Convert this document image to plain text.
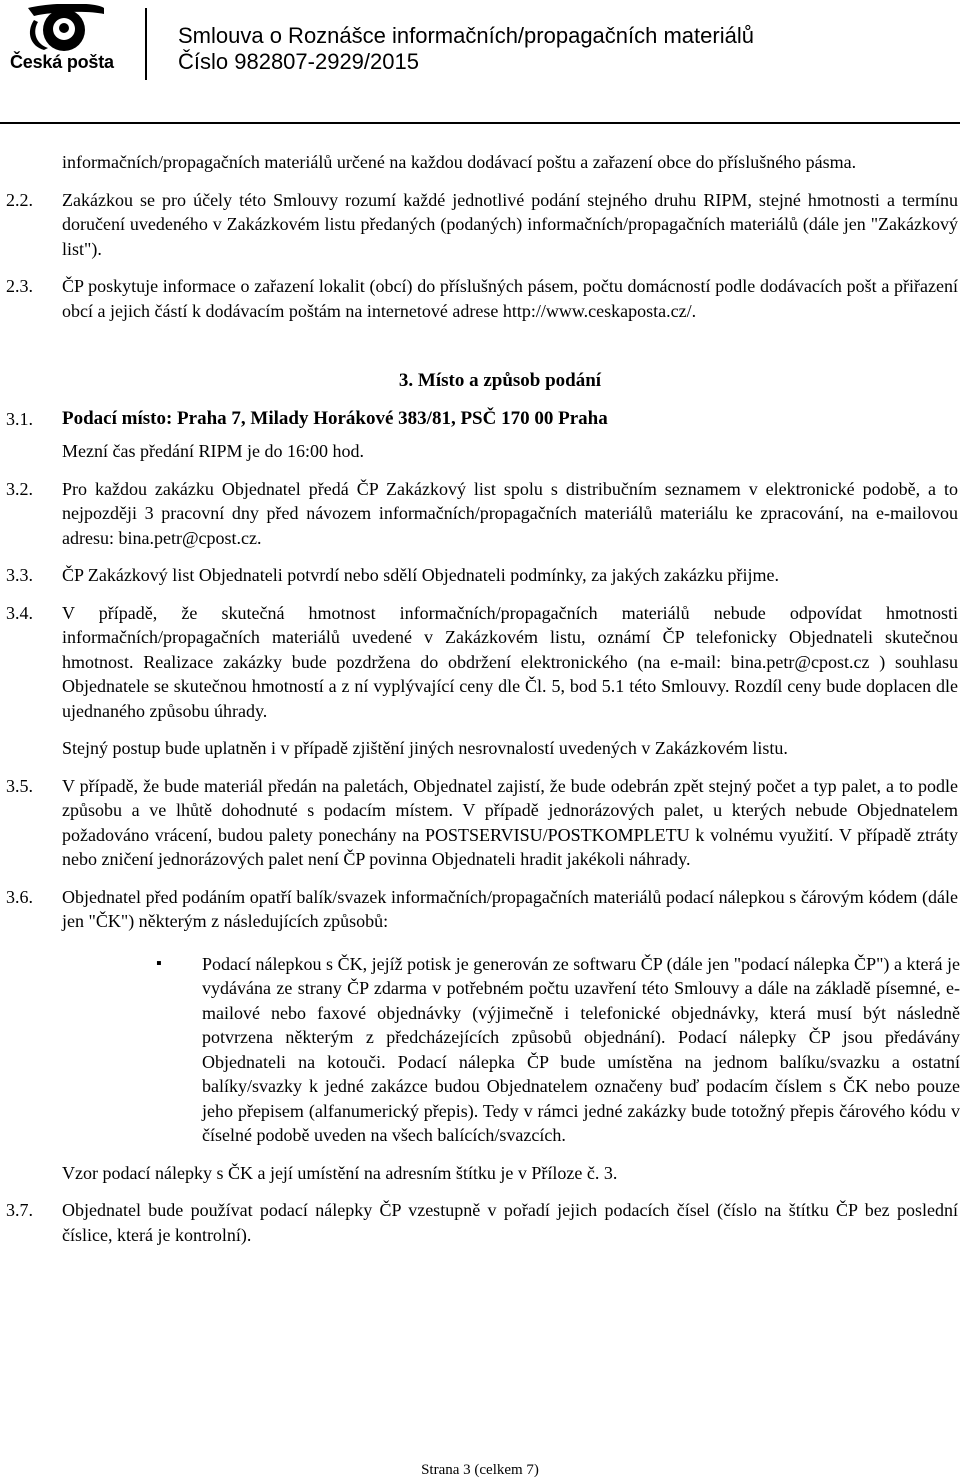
Česká pošta
Smlouva o Roznášce informačních/propagačních materiálů
Číslo 982807-2929/2015
informačních/propagačních materiálů určené na každou dodávací poštu a zařazení obce do příslušného pásma.
2.2. Zakázkou se pro účely této Smlouvy rozumí každé jednotlivé podání stejného druhu RIPM, stejné hmotnosti a termínu doručení uvedeného v Zakázkovém listu předaných (podaných) informačních/propagačních materiálů (dále jen "Zakázkový list").
2.3. ČP poskytuje informace o zařazení lokalit (obcí) do příslušných pásem, počtu domácností podle dodávacích pošt a přiřazení obcí a jejich částí k dodávacím poštám na internetové adrese http://www.ceskaposta.cz/.
3. Místo a způsob podání
3.1. Podací místo: Praha 7, Milady Horákové 383/81, PSČ 170 00 Praha
Mezní čas předání RIPM je do 16:00 hod.
3.2. Pro každou zakázku Objednatel předá ČP Zakázkový list spolu s distribučním seznamem v elektronické podobě, a to nejpozději 3 pracovní dny před návozem informačních/propagačních materiálů materiálu ke zpracování, na e-mailovou adresu: bina.petr@cpost.cz.
3.3. ČP Zakázkový list Objednateli potvrdí nebo sdělí Objednateli podmínky, za jakých zakázku přijme.
3.4. V případě, že skutečná hmotnost informačních/propagačních materiálů nebude odpovídat hmotnosti informačních/propagačních materiálů uvedené v Zakázkovém listu, oznámí ČP telefonicky Objednateli skutečnou hmotnost. Realizace zakázky bude pozdržena do obdržení elektronického (na e-mail: bina.petr@cpost.cz ) souhlasu Objednatele se skutečnou hmotností a z ní vyplývající ceny dle Čl. 5, bod 5.1 této Smlouvy. Rozdíl ceny bude doplacen dle ujednaného způsobu úhrady.
Stejný postup bude uplatněn i v případě zjištění jiných nesrovnalostí uvedených v Zakázkovém listu.
3.5. V případě, že bude materiál předán na paletách, Objednatel zajistí, že bude odebrán zpět stejný počet a typ palet, a to podle způsobu a ve lhůtě dohodnuté s podacím místem. V případě jednorázových palet, u kterých nebude Objednatelem požadováno vrácení, budou palety ponechány na POSTSERVISU/POSTKOMPLETU k volnému využití. V případě ztráty nebo zničení jednorázových palet není ČP povinna Objednateli hradit jakékoli náhrady.
3.6. Objednatel před podáním opatří balík/svazek informačních/propagačních materiálů podací nálepkou s čárovým kódem (dále jen "ČK") některým z následujících způsobů:
▪ Podací nálepkou s ČK, jejíž potisk je generován ze softwaru ČP (dále jen "podací nálepka ČP") a která je vydávána ze strany ČP zdarma v potřebném počtu uzavření této Smlouvy a dále na základě písemné, e-mailové nebo faxové objednávky (výjimečně i telefonické objednávky, která musí být následně potvrzena některým z předcházejících způsobů objednání). Podací nálepky ČP jsou předávány Objednateli na kotouči. Podací nálepka ČP bude umístěna na jednom balíku/svazku a ostatní balíky/svazky k jedné zakázce budou Objednatelem označeny buď podacím číslem s ČK nebo pouze jeho přepisem (alfanumerický přepis). Tedy v rámci jedné zakázky bude totožný přepis čárového kódu v číselné podobě uveden na všech balících/svazcích.
Vzor podací nálepky s ČK a její umístění na adresním štítku je v Příloze č. 3.
3.7. Objednatel bude používat podací nálepky ČP vzestupně v pořadí jejich podacích čísel (číslo na štítku ČP bez poslední číslice, která je kontrolní).
Strana 3 (celkem 7)
